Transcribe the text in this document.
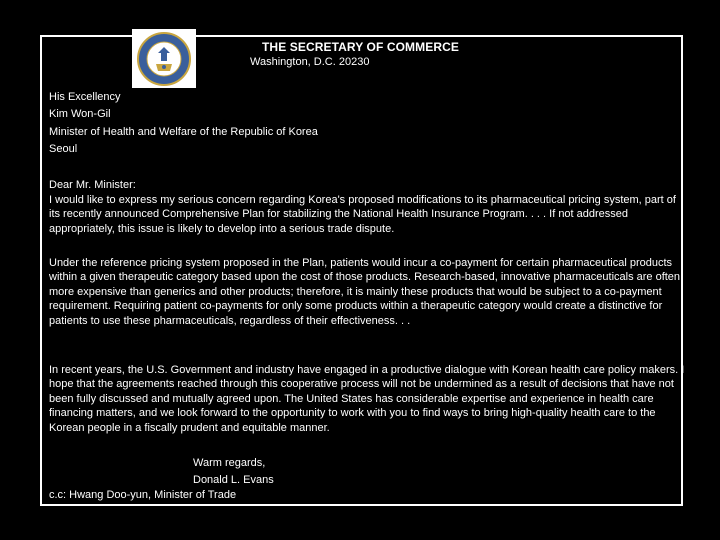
THE SECRETARY OF COMMERCE
Washington, D.C. 20230
His Excellency
Kim Won-Gil
Minister of Health and Welfare of the Republic of Korea
Seoul
Dear Mr. Minister:
I would like to express my serious concern regarding Korea's proposed modifications to its pharmaceutical pricing system, part of its recently announced Comprehensive Plan for stabilizing the National Health Insurance Program. . . . If not addressed appropriately, this issue is likely to develop into a serious trade dispute.
Under the reference pricing system proposed in the Plan, patients would incur a co-payment for certain pharmaceutical products within a given therapeutic category based upon the cost of those products. Research-based, innovative pharmaceuticals are often more expensive than generics and other products; therefore, it is mainly these products that would be subject to a co-payment requirement. Requiring patient co-payments for only some products within a therapeutic category would create a distinctive for patients to use these pharmaceuticals, regardless of their effectiveness. . .
In recent years, the U.S. Government and industry have engaged in a productive dialogue with Korean health care policy makers. I hope that the agreements reached through this cooperative process will not be undermined as a result of decisions that have not been fully discussed and mutually agreed upon. The United States has considerable expertise and experience in health care financing matters, and we look forward to the opportunity to work with you to find ways to bring high-quality health care to the Korean people in a fiscally prudent and equitable manner.
Warm regards,
Donald L. Evans
c.c: Hwang Doo-yun, Minister of Trade
